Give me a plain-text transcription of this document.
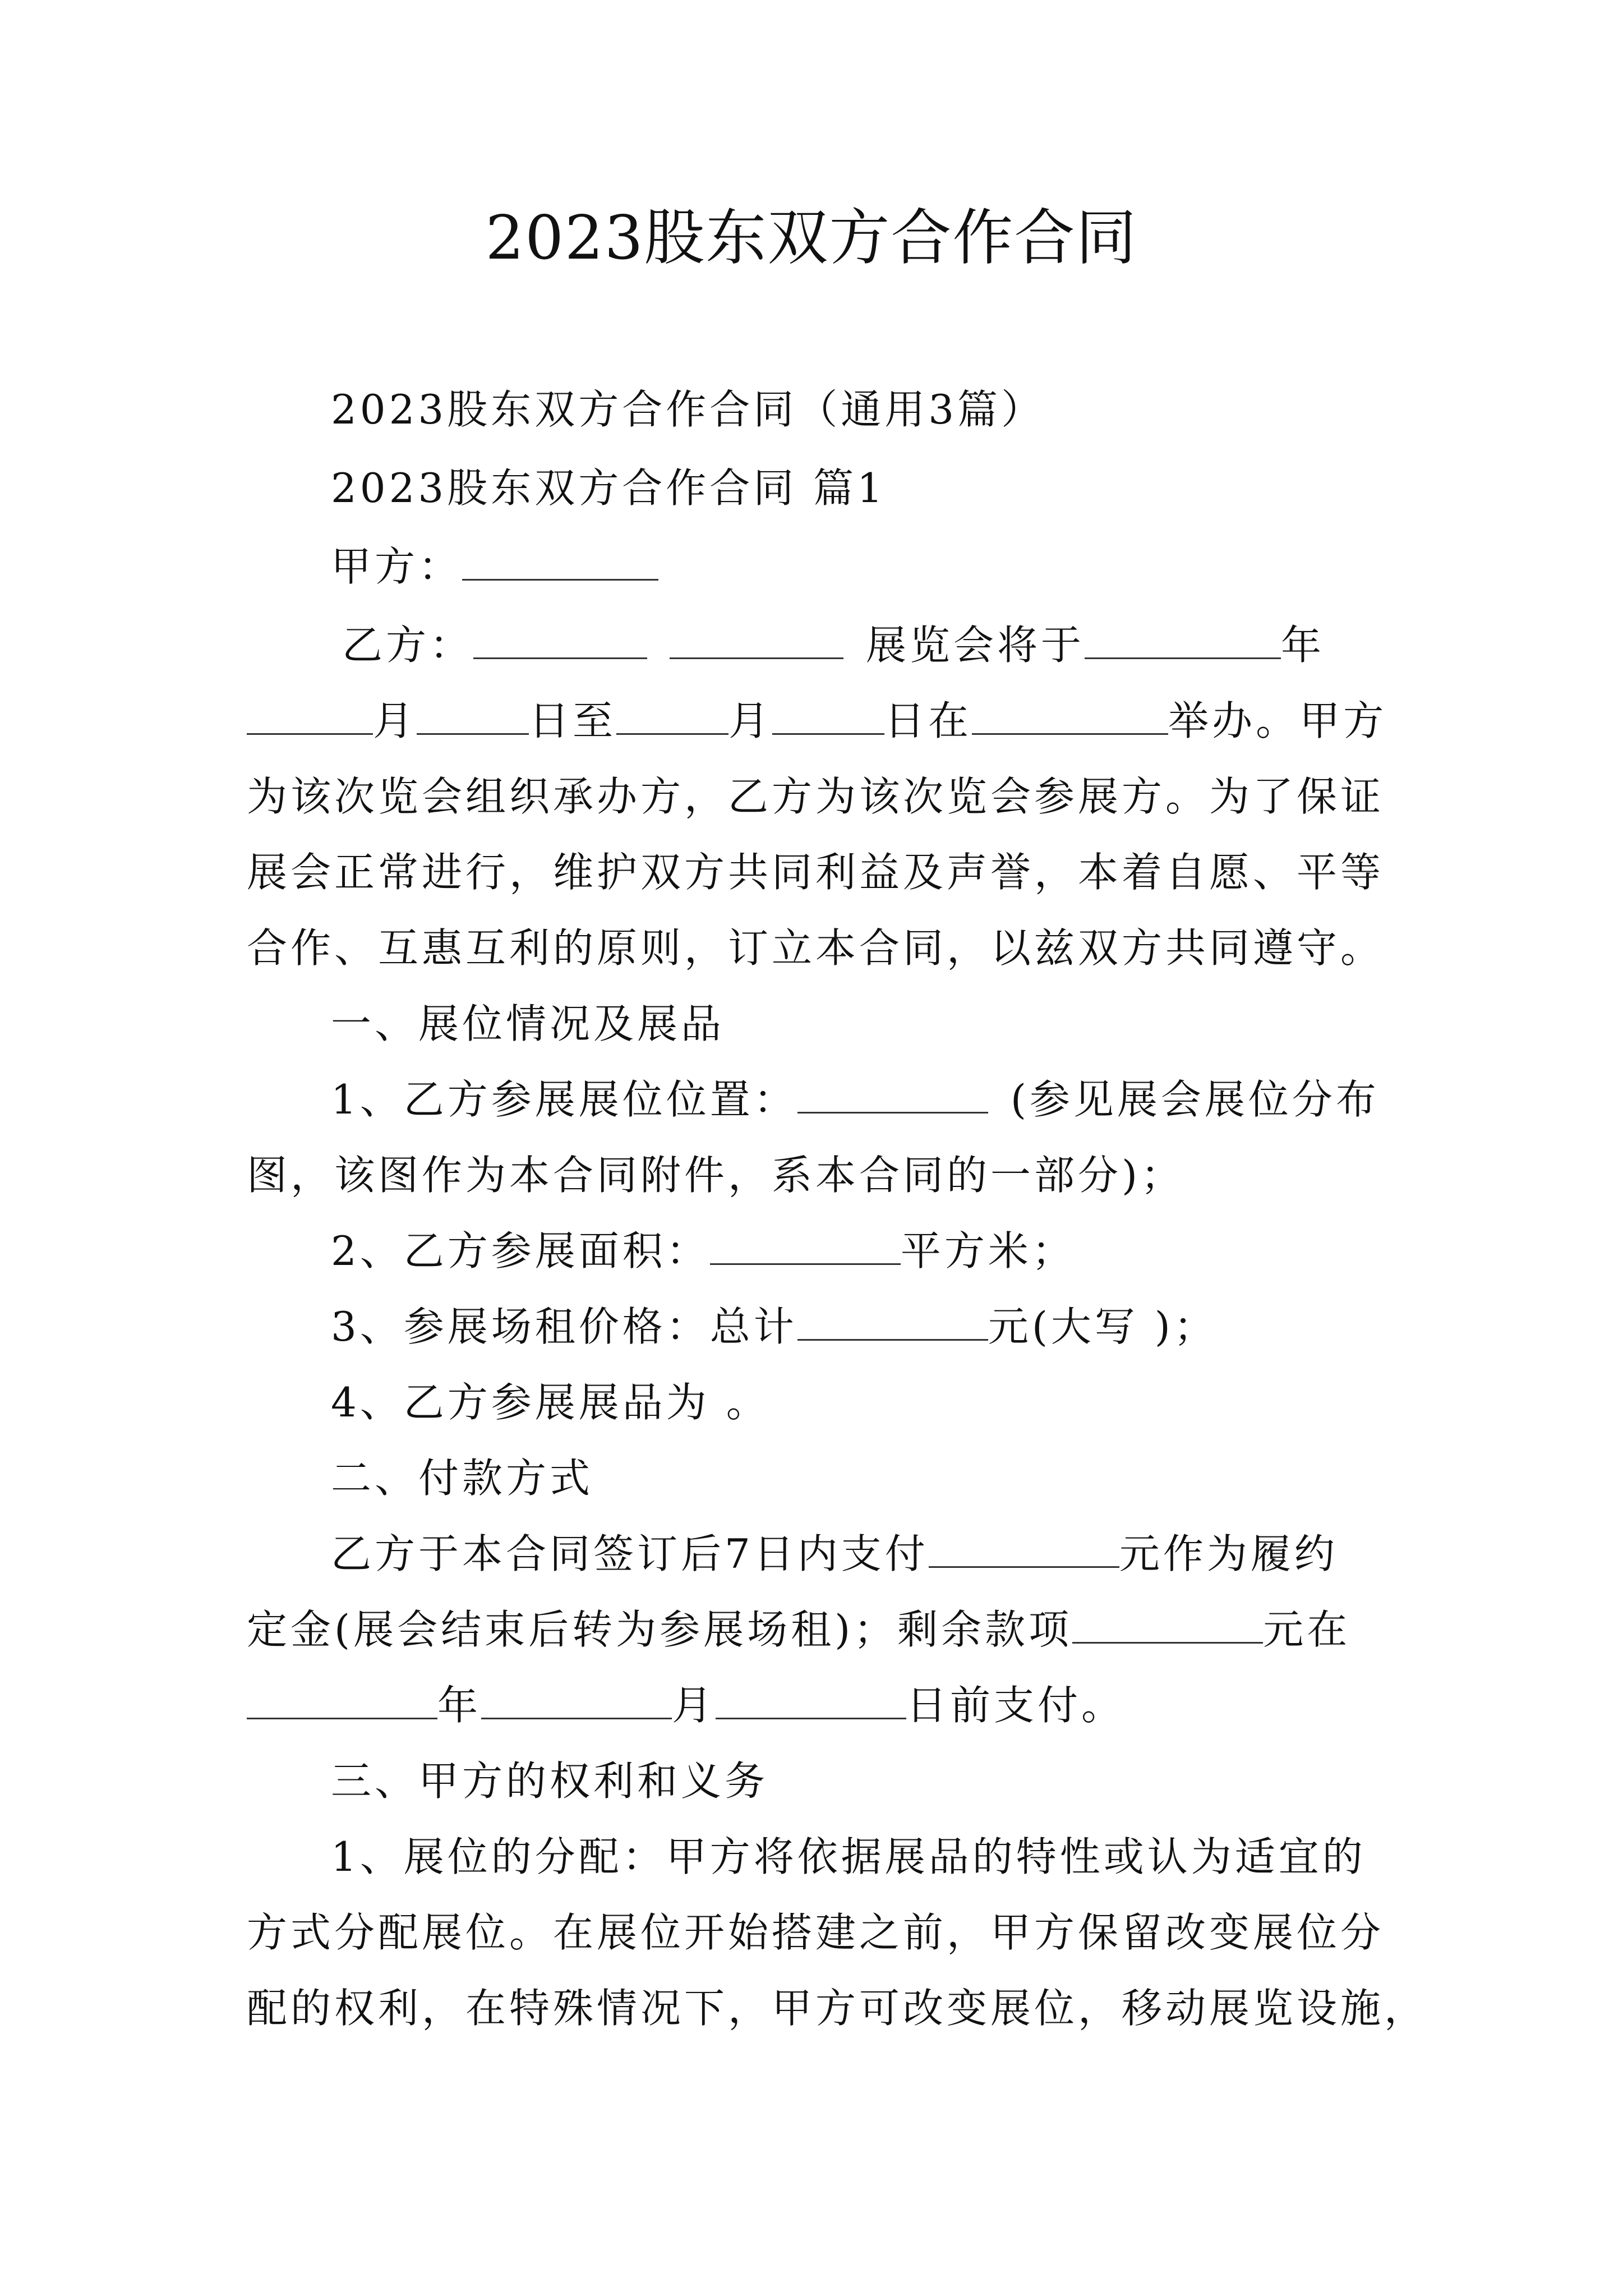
2023股东双方合作合同
2023股东双方合作合同（通用3篇）
2023股东双方合作合同 篇1
甲方：
乙方：	展览会将于	年
月	日至	月	日在	举办。甲方
为该次览会组织承办方，乙方为该次览会参展方。为了保证
展会正常进行，维护双方共同利益及声誉，本着自愿、平等
合作、互惠互利的原则，订立本合同，以兹双方共同遵守。
一、展位情况及展品
1、乙方参展展位位置：	(参见展会展位分布
图，该图作为本合同附件，系本合同的一部分)；
2、乙方参展面积：	平方米；
3、参展场租价格：总计	元(大写 )；
4、乙方参展展品为 。
二、付款方式
乙方于本合同签订后7日内支付	元作为履约
定金(展会结束后转为参展场租)；剩余款项	元在
年	月	日前支付。
三、甲方的权利和义务
1、展位的分配：甲方将依据展品的特性或认为适宜的
方式分配展位。在展位开始搭建之前，甲方保留改变展位分
配的权利，在特殊情况下，甲方可改变展位，移动展览设施，
